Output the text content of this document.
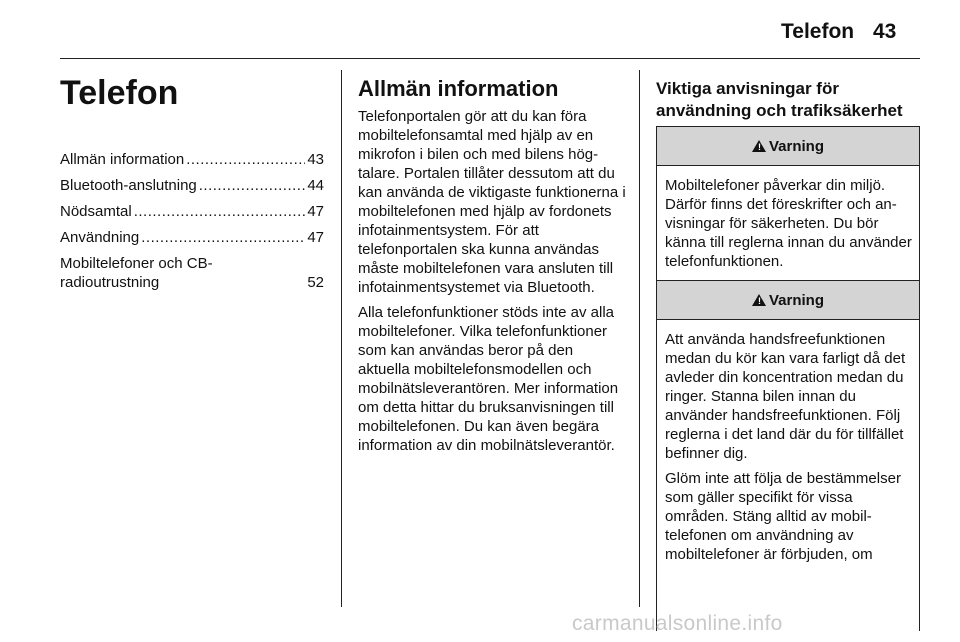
Telefon 43
Telefon
Allmän information .....	43
Bluetooth-anslutning .....	44
Nödsamtal .....	47
Användning .....	47
Mobiltelefoner och CB-
radioutrustning	52
Allmän information

Telefonportalen gör att du kan föra mobiltelefonsamtal med hjälp av en mikrofon i bilen och med bilens högtalare. Portalen tillåter dessutom att du kan använda de viktigaste funktionerna i mobiltelefonen med hjälp av fordonets infotainmentsystem. För att telefonportalen ska kunna användas måste mobiltelefonen vara ansluten till infotainmentsystemet via Bluetooth.

Alla telefonfunktioner stöds inte av alla mobiltelefoner. Vilka telefonfunktioner som kan användas beror på den aktuella mobiltelefonsmodellen och mobilnätsleverantören. Mer information om detta hittar du bruksanvisningen till mobiltelefonen. Du kan även begära information av din mobilnätsleverantör.

Viktiga anvisningar för användning och trafiksäkerhet
! Varning

Mobiltelefoner påverkar din miljö. Därför finns det föreskrifter och anvisningar för säkerheten. Du bör känna till reglerna innan du använder telefonfunktionen.

! Varning

Att använda handsfreefunktionen medan du kör kan vara farligt då det avleder din koncentration medan du ringer. Stanna bilen innan du använder handsfreefunktionen. Följ reglerna i det land där du för tillfället befinner dig.

Glöm inte att följa de bestämmelser som gäller specifikt för vissa områden. Stäng alltid av mobiltelefonen om användning av mobiltelefoner är förbjuden, om

carmanualsonline.info
